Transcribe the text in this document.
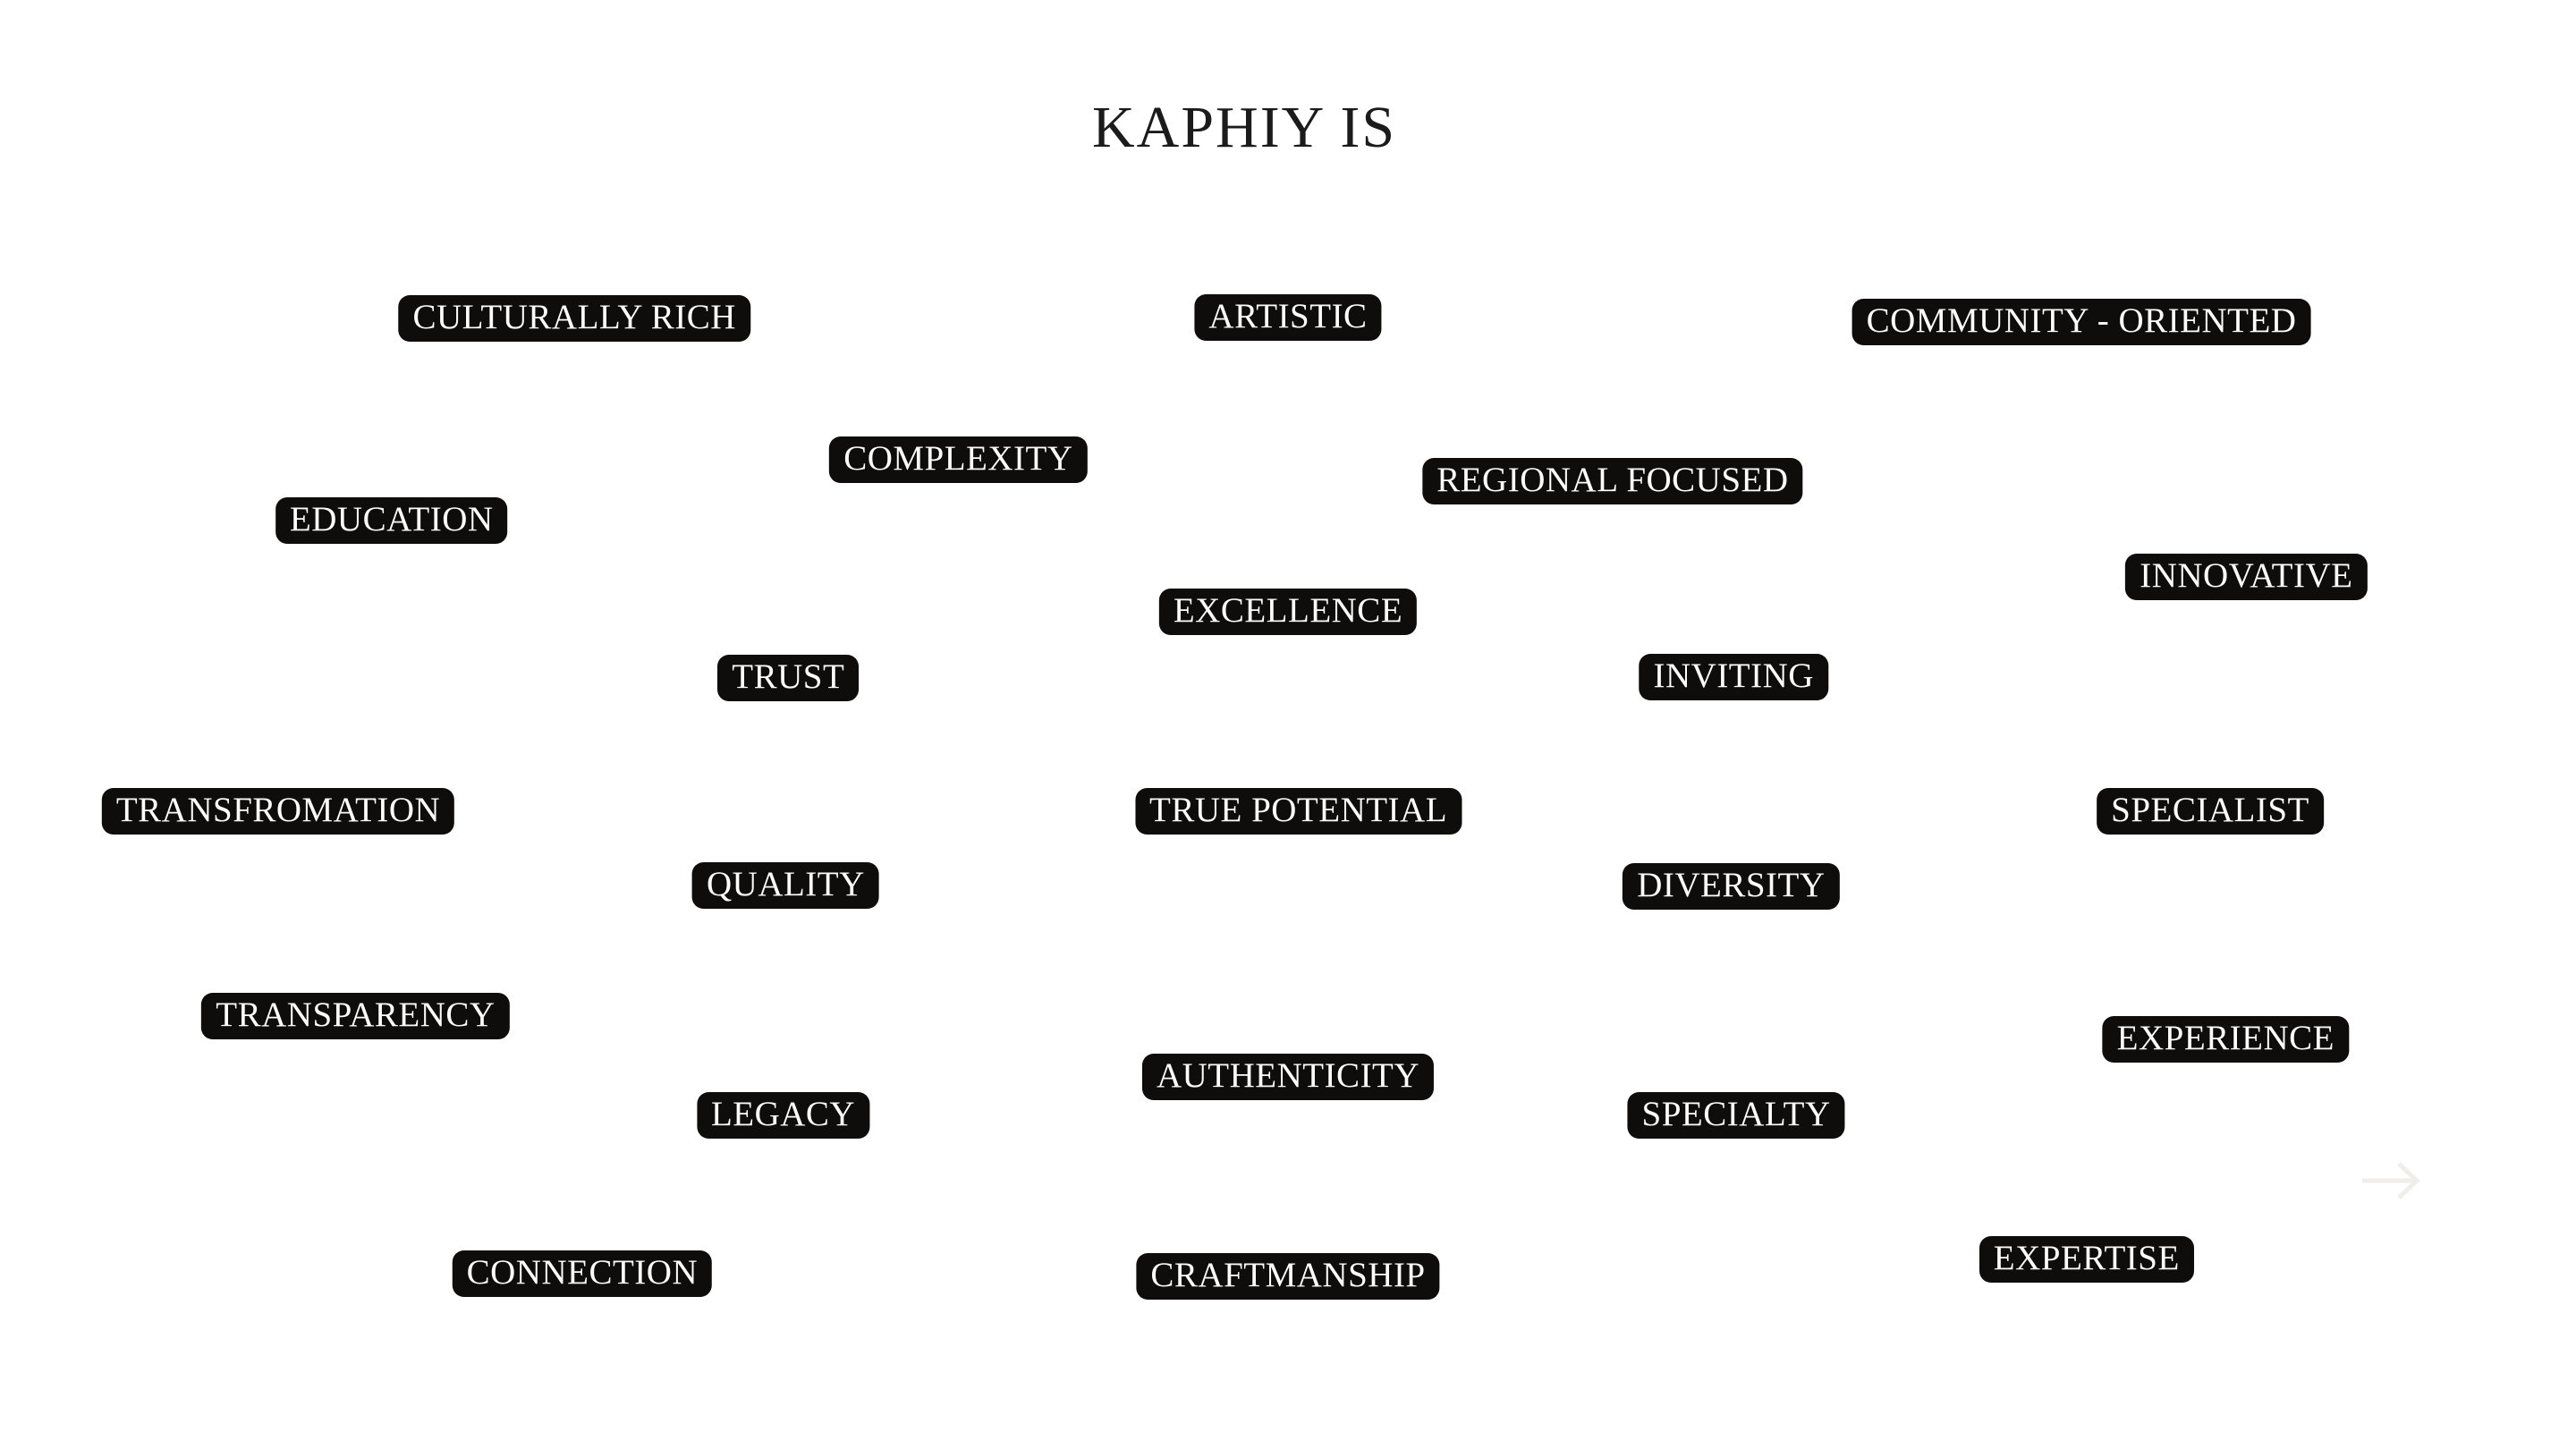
KAPHIY IS
CULTURALLY RICH	ARTISTIC	COMMUNITY - ORIENTED
COMPLEXITY
REGIONAL FOCUSED
EDUCATION
INNOVATIVE
EXCELLENCE
TRUST	INVITING
TRANSFROMATION	TRUE POTENTIAL	SPECIALIST
QUALITY	DIVERSITY
TRANSPARENCY
EXPERIENCE
AUTHENTICITY
SPECIALTY
LEGACY
EXPERTISE
CONNECTION	CRAFTMANSHIP
